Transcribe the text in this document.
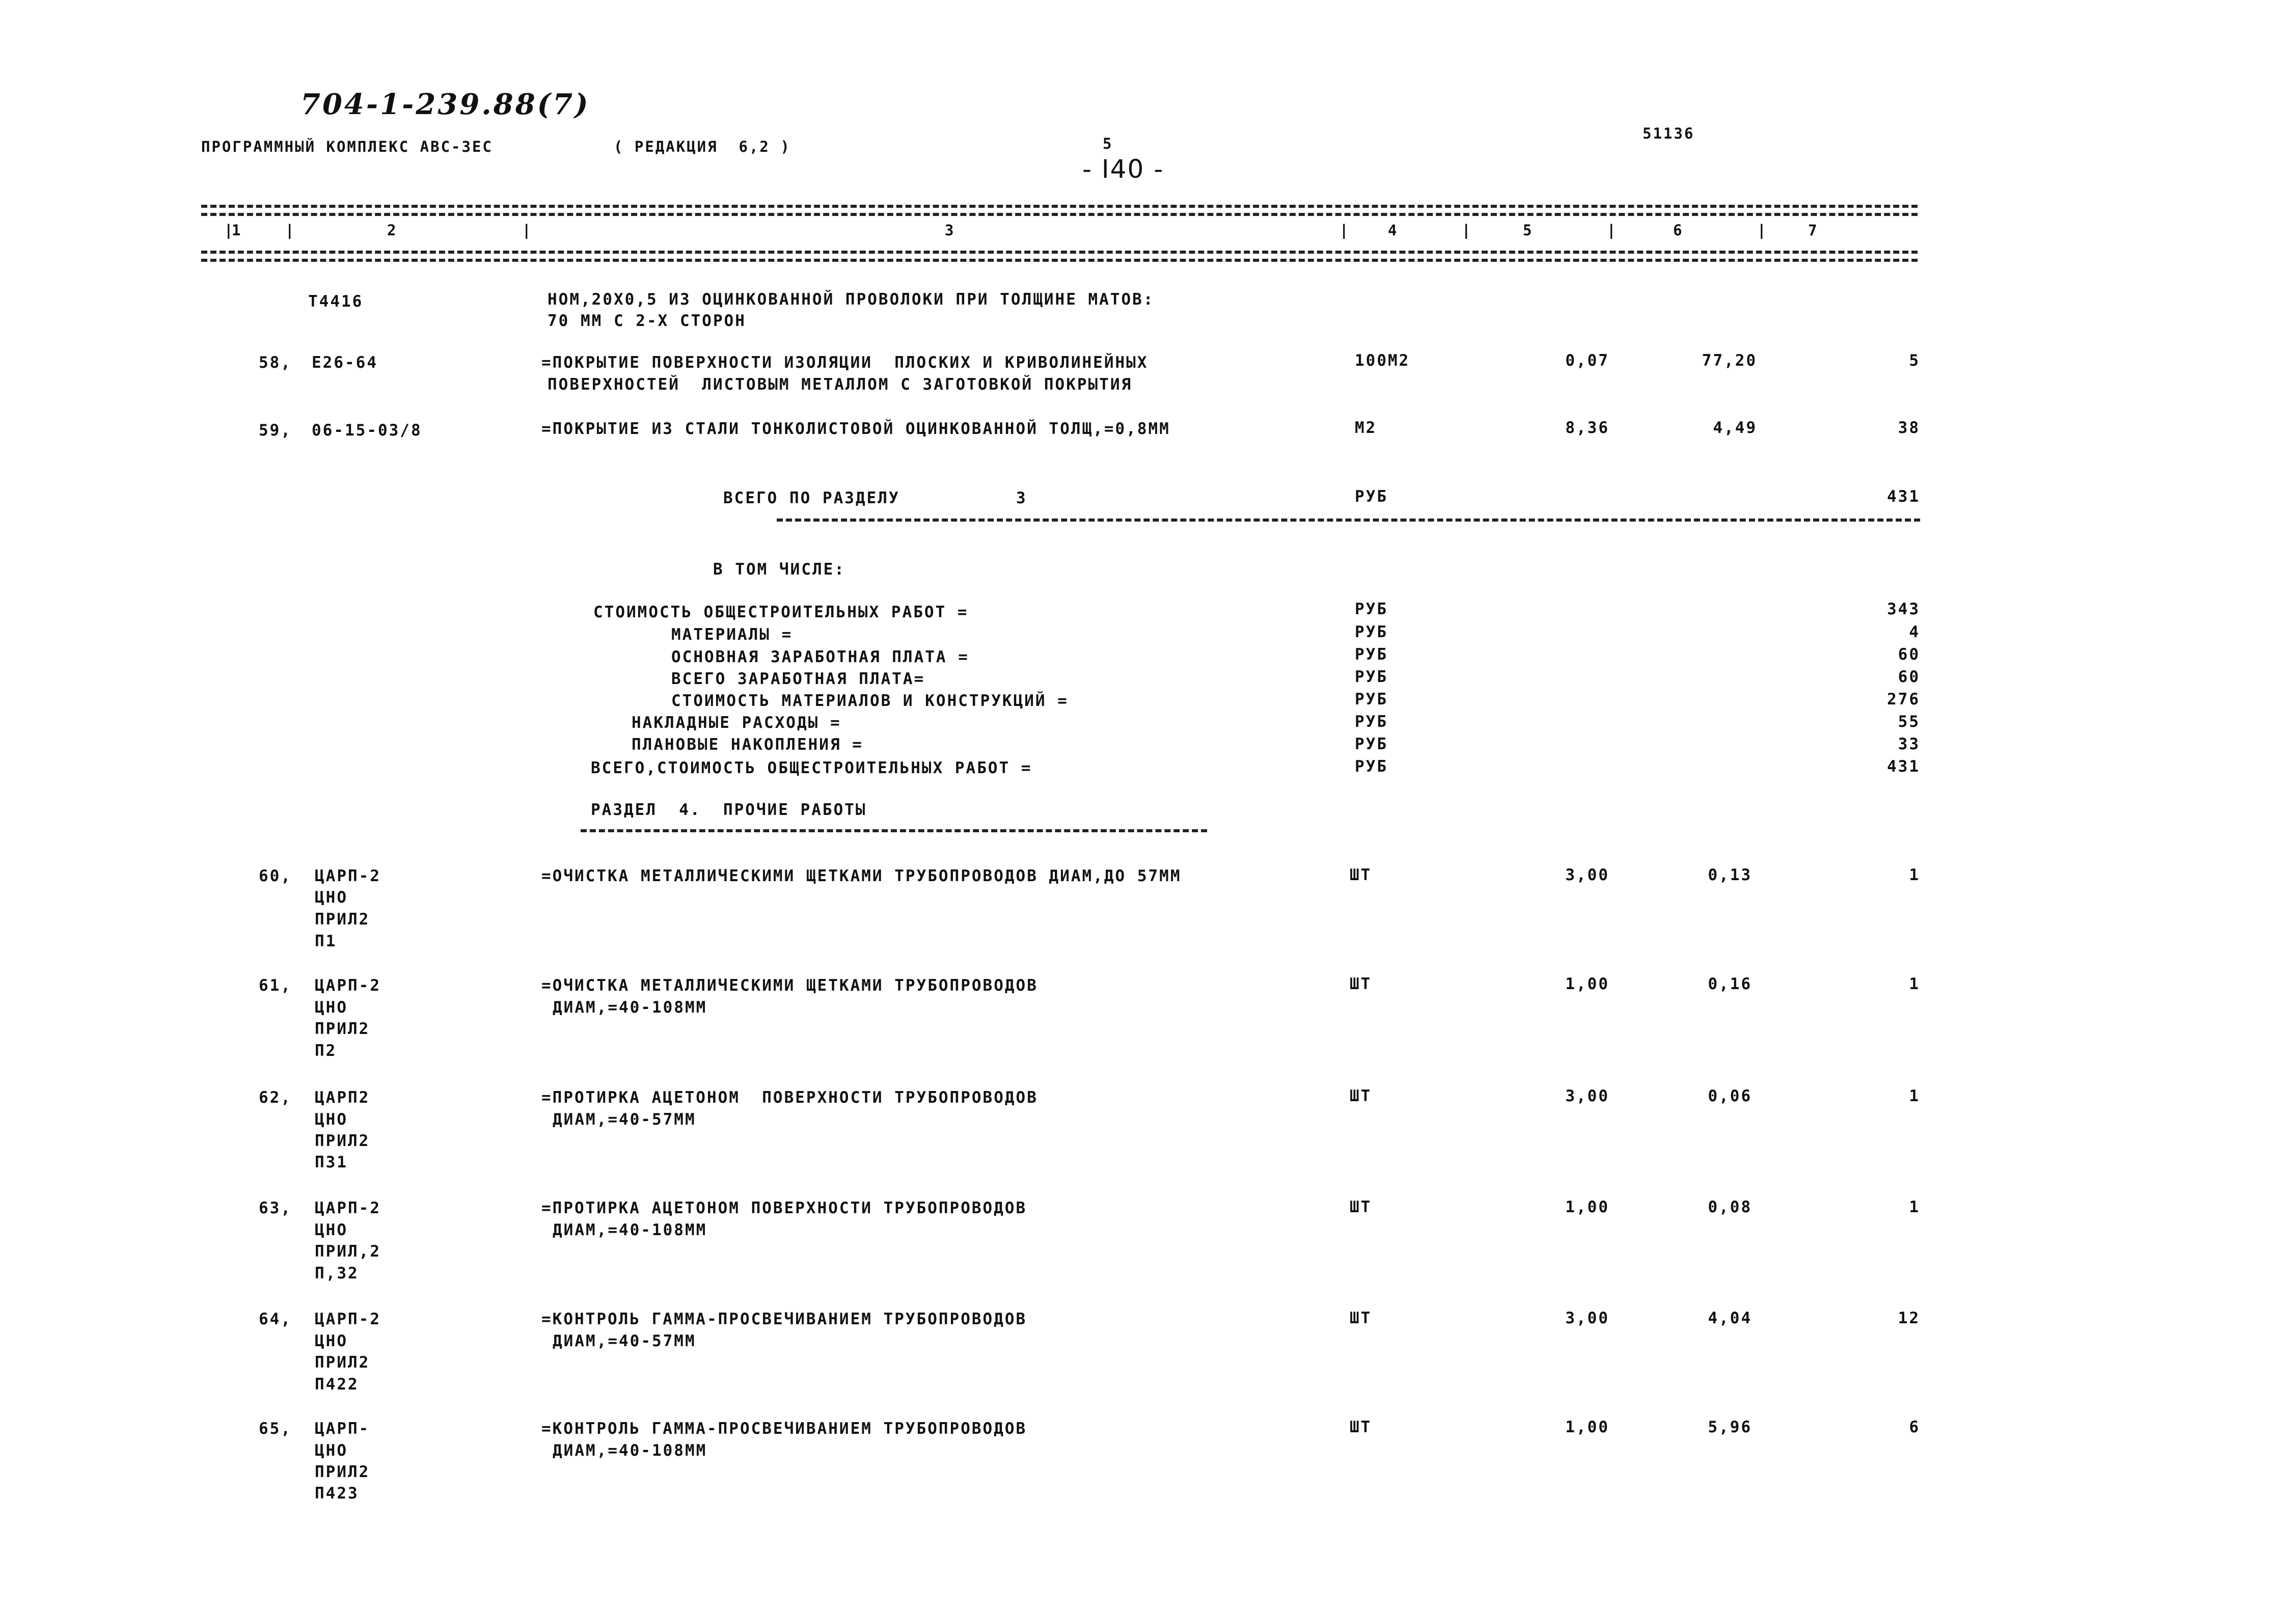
704-1-239.88(7)
ПРОГРАММНЫЙ КОМПЛЕКС АВС-3ЕС	( РЕДАКЦИЯ  6,2 )	5
51136
- I40 -
1	2	3	4	5	6	7
|	|	|	|	|	|	|
Т4416	НОМ,20Х0,5 ИЗ ОЦИНКОВАННОЙ ПРОВОЛОКИ ПРИ ТОЛЩИНЕ МАТОВ:
70 ММ С 2-Х СТОРОН
58, Е26-64	=ПОКРЫТИЕ ПОВЕРХНОСТИ ИЗОЛЯЦИИ  ПЛОСКИХ И КРИВОЛИНЕЙНЫХ
ПОВЕРХНОСТЕЙ  ЛИСТОВЫМ МЕТАЛЛОМ С ЗАГОТОВКОЙ ПОКРЫТИЯ
100М2	0,07	77,20	5
59, 06-15-03/8	=ПОКРЫТИЕ ИЗ СТАЛИ ТОНКОЛИСТОВОЙ ОЦИНКОВАННОЙ ТОЛЩ,=0,8ММ	М2	8,36	4,49	38
ВСЕГО ПО РАЗДЕЛУ	3	РУБ	431
В ТОМ ЧИСЛЕ:
СТОИМОСТЬ ОБЩЕСТРОИТЕЛЬНЫХ РАБОТ =	РУБ	343
МАТЕРИАЛЫ =	РУБ	4
ОСНОВНАЯ ЗАРАБОТНАЯ ПЛАТА =	РУБ	60
ВСЕГО ЗАРАБОТНАЯ ПЛАТА=	РУБ	60
СТОИМОСТЬ МАТЕРИАЛОВ И КОНСТРУКЦИЙ =	РУБ	276
НАКЛАДНЫЕ РАСХОДЫ =	РУБ	55
ПЛАНОВЫЕ НАКОПЛЕНИЯ =	РУБ	33
ВСЕГО,СТОИМОСТЬ ОБЩЕСТРОИТЕЛЬНЫХ РАБОТ =	РУБ	431
РАЗДЕЛ  4.  ПРОЧИЕ РАБОТЫ
60, ЦАРП-2
ЦНО
ПРИЛ2
П1
=ОЧИСТКА МЕТАЛЛИЧЕСКИМИ ЩЕТКАМИ ТРУБОПРОВОДОВ ДИАМ,ДО 57ММ	ШТ	3,00	0,13	1
61, ЦАРП-2
ЦНО
ПРИЛ2
П2
=ОЧИСТКА МЕТАЛЛИЧЕСКИМИ ЩЕТКАМИ ТРУБОПРОВОДОВ
ДИАМ,=40-108ММ
ШТ	1,00	0,16	1
62, ЦАРП2
ЦНО
ПРИЛ2
П31
=ПРОТИРКА АЦЕТОНОМ  ПОВЕРХНОСТИ ТРУБОПРОВОДОВ
ДИАМ,=40-57ММ
ШТ	3,00	0,06	1
63, ЦАРП-2
ЦНО
ПРИЛ,2
П,32
=ПРОТИРКА АЦЕТОНОМ ПОВЕРХНОСТИ ТРУБОПРОВОДОВ
ДИАМ,=40-108ММ
ШТ	1,00	0,08	1
64, ЦАРП-2
ЦНО
ПРИЛ2
П422
=КОНТРОЛЬ ГАММА-ПРОСВЕЧИВАНИЕМ ТРУБОПРОВОДОВ
ДИАМ,=40-57ММ
ШТ	3,00	4,04	12
65, ЦАРП-
ЦНО
ПРИЛ2
П423
=КОНТРОЛЬ ГАММА-ПРОСВЕЧИВАНИЕМ ТРУБОПРОВОДОВ
ДИАМ,=40-108ММ
ШТ	1,00	5,96	6
